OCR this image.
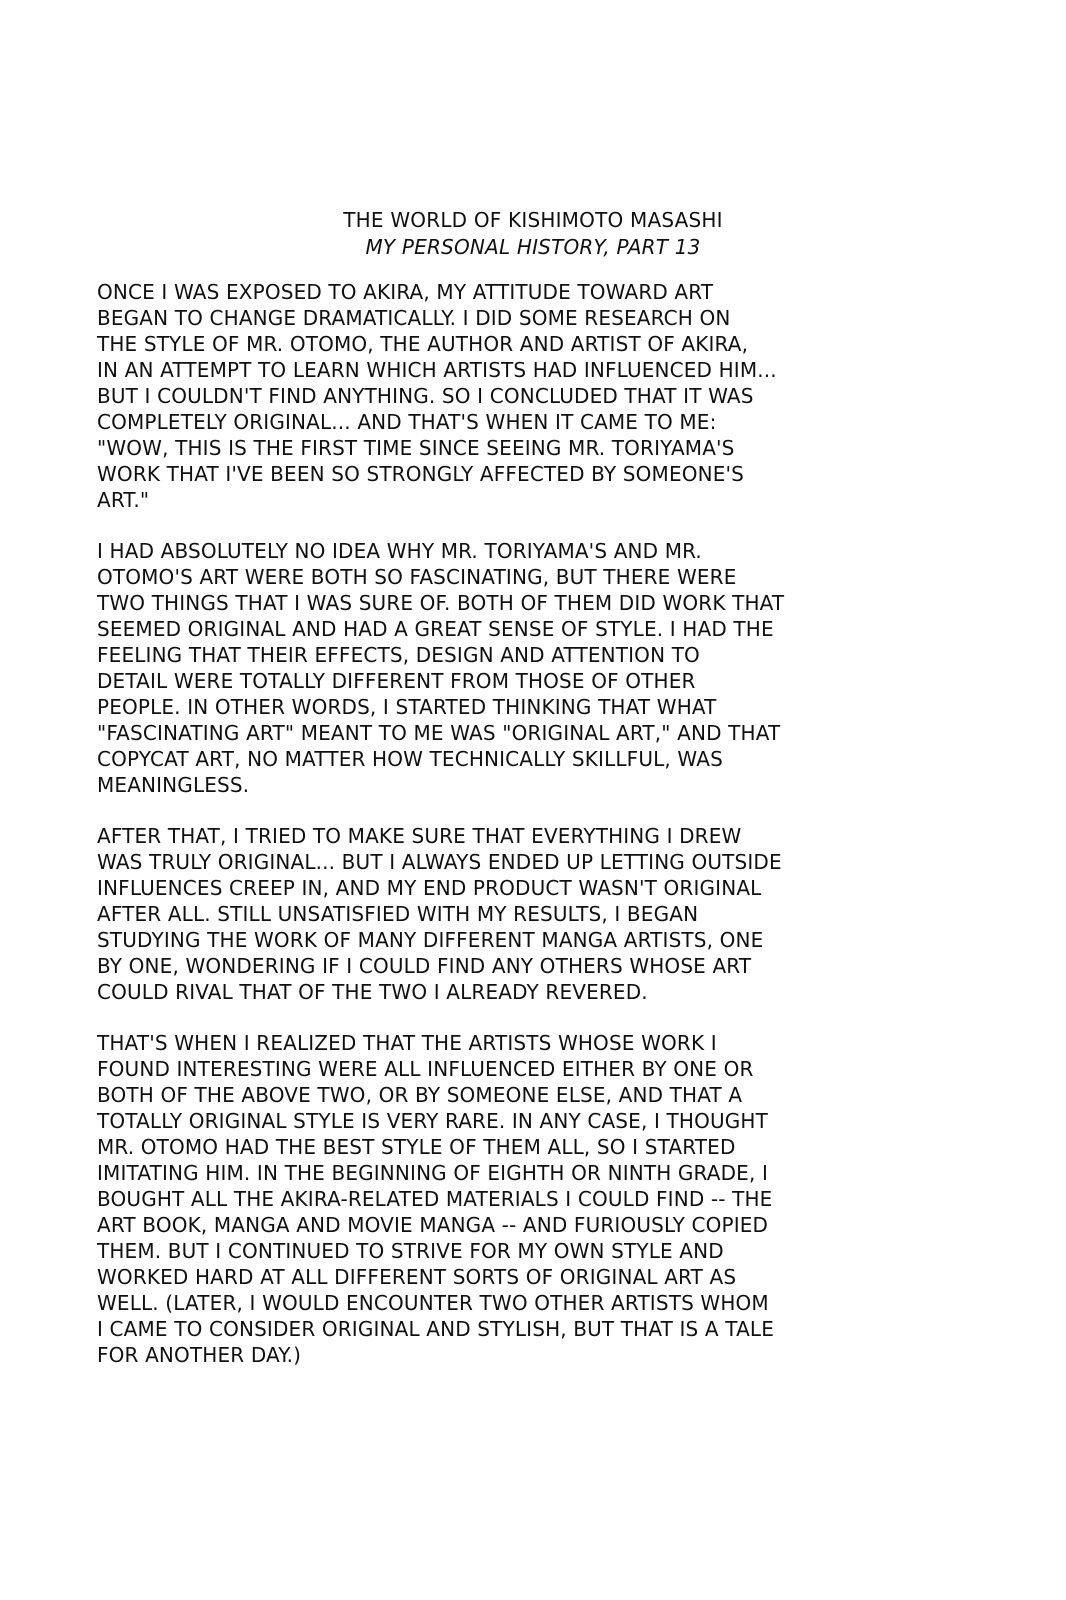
THE WORLD OF KISHIMOTO MASASHI
MY PERSONAL HISTORY, PART 13
ONCE I WAS EXPOSED TO AKIRA, MY ATTITUDE TOWARD ART
BEGAN TO CHANGE DRAMATICALLY. I DID SOME RESEARCH ON
THE STYLE OF MR. OTOMO, THE AUTHOR AND ARTIST OF AKIRA,
IN AN ATTEMPT TO LEARN WHICH ARTISTS HAD INFLUENCED HIM...
BUT I COULDN'T FIND ANYTHING. SO I CONCLUDED THAT IT WAS
COMPLETELY ORIGINAL... AND THAT'S WHEN IT CAME TO ME:
"WOW, THIS IS THE FIRST TIME SINCE SEEING MR. TORIYAMA'S
WORK THAT I'VE BEEN SO STRONGLY AFFECTED BY SOMEONE'S
ART."
I HAD ABSOLUTELY NO IDEA WHY MR. TORIYAMA'S AND MR.
OTOMO'S ART WERE BOTH SO FASCINATING, BUT THERE WERE
TWO THINGS THAT I WAS SURE OF. BOTH OF THEM DID WORK THAT
SEEMED ORIGINAL AND HAD A GREAT SENSE OF STYLE. I HAD THE
FEELING THAT THEIR EFFECTS, DESIGN AND ATTENTION TO
DETAIL WERE TOTALLY DIFFERENT FROM THOSE OF OTHER
PEOPLE. IN OTHER WORDS, I STARTED THINKING THAT WHAT
"FASCINATING ART" MEANT TO ME WAS "ORIGINAL ART," AND THAT
COPYCAT ART, NO MATTER HOW TECHNICALLY SKILLFUL, WAS
MEANINGLESS.
AFTER THAT, I TRIED TO MAKE SURE THAT EVERYTHING I DREW
WAS TRULY ORIGINAL... BUT I ALWAYS ENDED UP LETTING OUTSIDE
INFLUENCES CREEP IN, AND MY END PRODUCT WASN'T ORIGINAL
AFTER ALL. STILL UNSATISFIED WITH MY RESULTS, I BEGAN
STUDYING THE WORK OF MANY DIFFERENT MANGA ARTISTS, ONE
BY ONE, WONDERING IF I COULD FIND ANY OTHERS WHOSE ART
COULD RIVAL THAT OF THE TWO I ALREADY REVERED.
THAT'S WHEN I REALIZED THAT THE ARTISTS WHOSE WORK I
FOUND INTERESTING WERE ALL INFLUENCED EITHER BY ONE OR
BOTH OF THE ABOVE TWO, OR BY SOMEONE ELSE, AND THAT A
TOTALLY ORIGINAL STYLE IS VERY RARE. IN ANY CASE, I THOUGHT
MR. OTOMO HAD THE BEST STYLE OF THEM ALL, SO I STARTED
IMITATING HIM. IN THE BEGINNING OF EIGHTH OR NINTH GRADE, I
BOUGHT ALL THE AKIRA-RELATED MATERIALS I COULD FIND -- THE
ART BOOK, MANGA AND MOVIE MANGA -- AND FURIOUSLY COPIED
THEM. BUT I CONTINUED TO STRIVE FOR MY OWN STYLE AND
WORKED HARD AT ALL DIFFERENT SORTS OF ORIGINAL ART AS
WELL. (LATER, I WOULD ENCOUNTER TWO OTHER ARTISTS WHOM
I CAME TO CONSIDER ORIGINAL AND STYLISH, BUT THAT IS A TALE
FOR ANOTHER DAY.)
